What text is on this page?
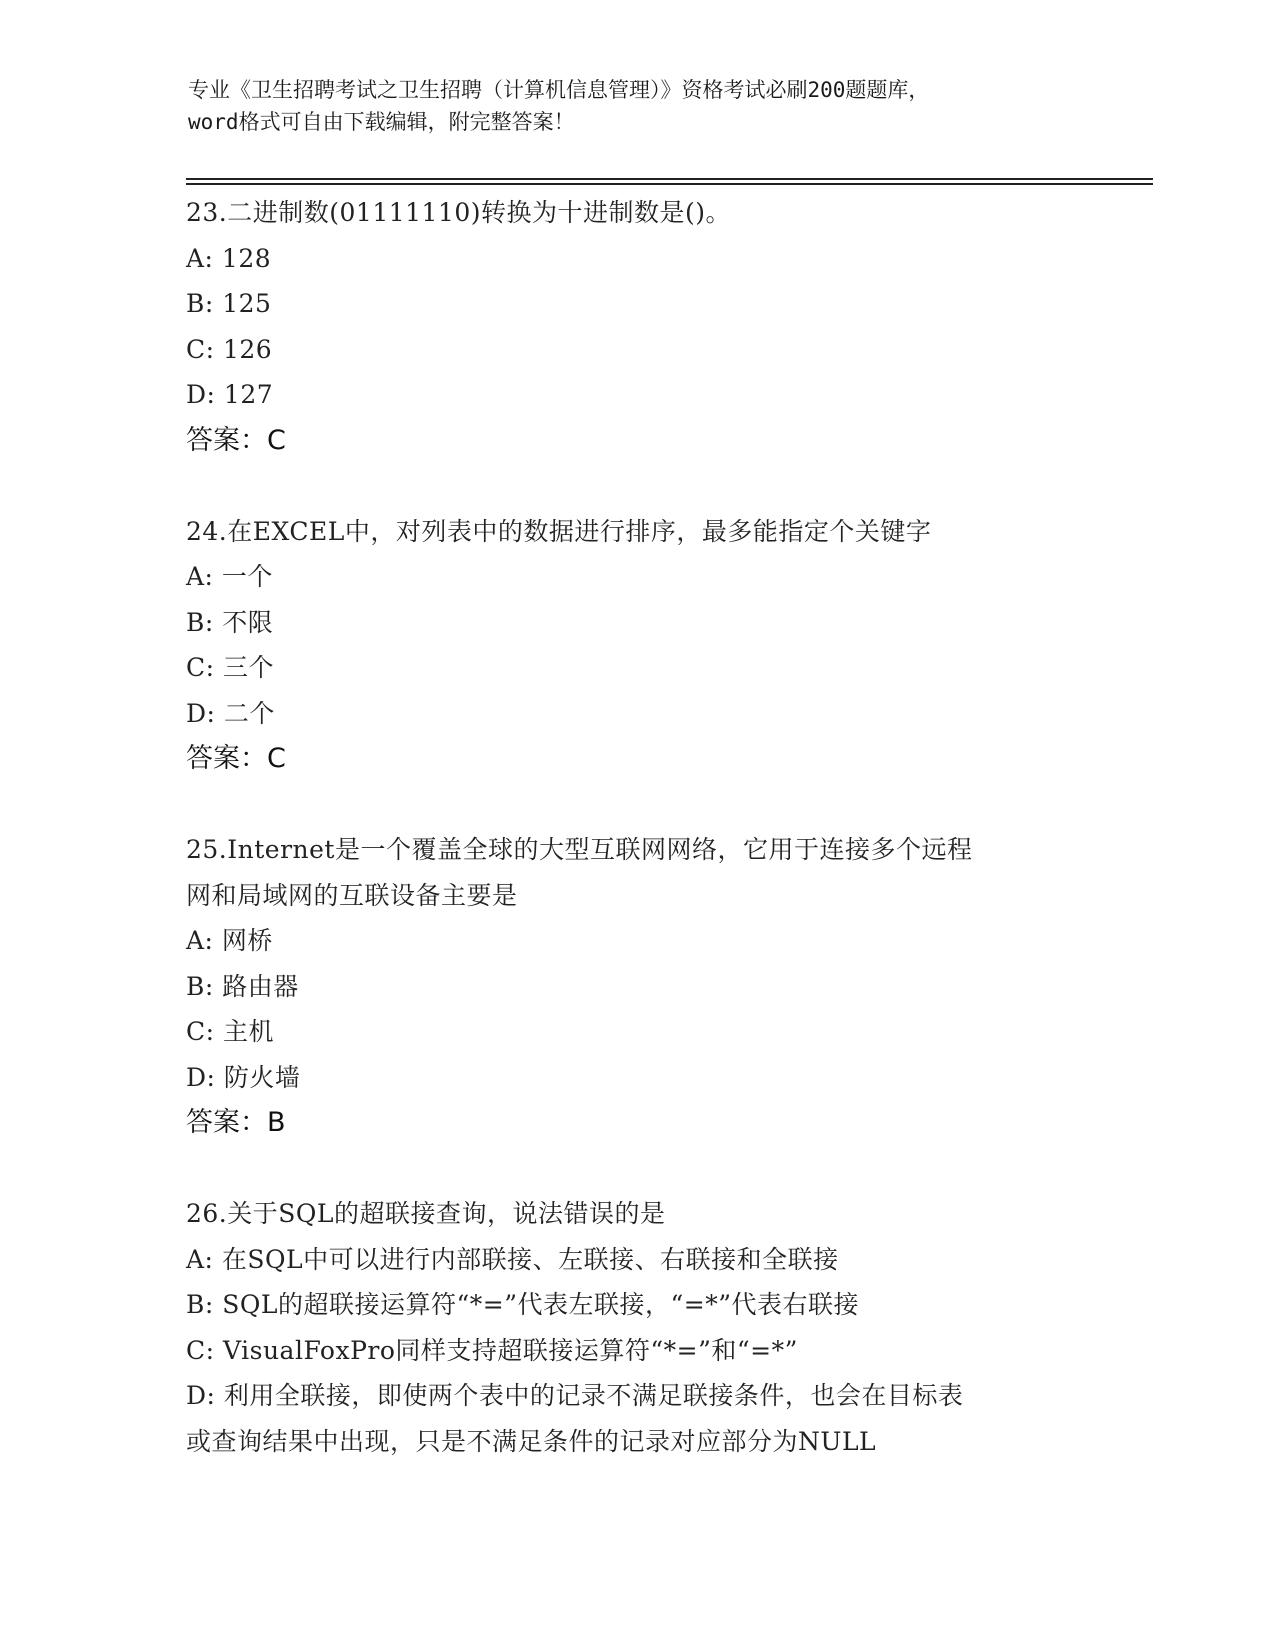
专业《卫生招聘考试之卫生招聘（计算机信息管理）》资格考试必刷200题题库，
word格式可自由下载编辑，附完整答案！
23.二进制数(01111110)转换为十进制数是()。
A: 128
B: 125
C: 126
D: 127
答案：C
24.在EXCEL中，对列表中的数据进行排序，最多能指定个关键字
A: 一个
B: 不限
C: 三个
D: 二个
答案：C
25.Internet是一个覆盖全球的大型互联网网络，它用于连接多个远程
网和局域网的互联设备主要是
A: 网桥
B: 路由器
C: 主机
D: 防火墙
答案：B
26.关于SQL的超联接查询，说法错误的是
A: 在SQL中可以进行内部联接、左联接、右联接和全联接
B: SQL的超联接运算符“*=”代表左联接，“=*”代表右联接
C: VisualFoxPro同样支持超联接运算符“*=”和“=*”
D: 利用全联接，即使两个表中的记录不满足联接条件，也会在目标表
或查询结果中出现，只是不满足条件的记录对应部分为NULL
